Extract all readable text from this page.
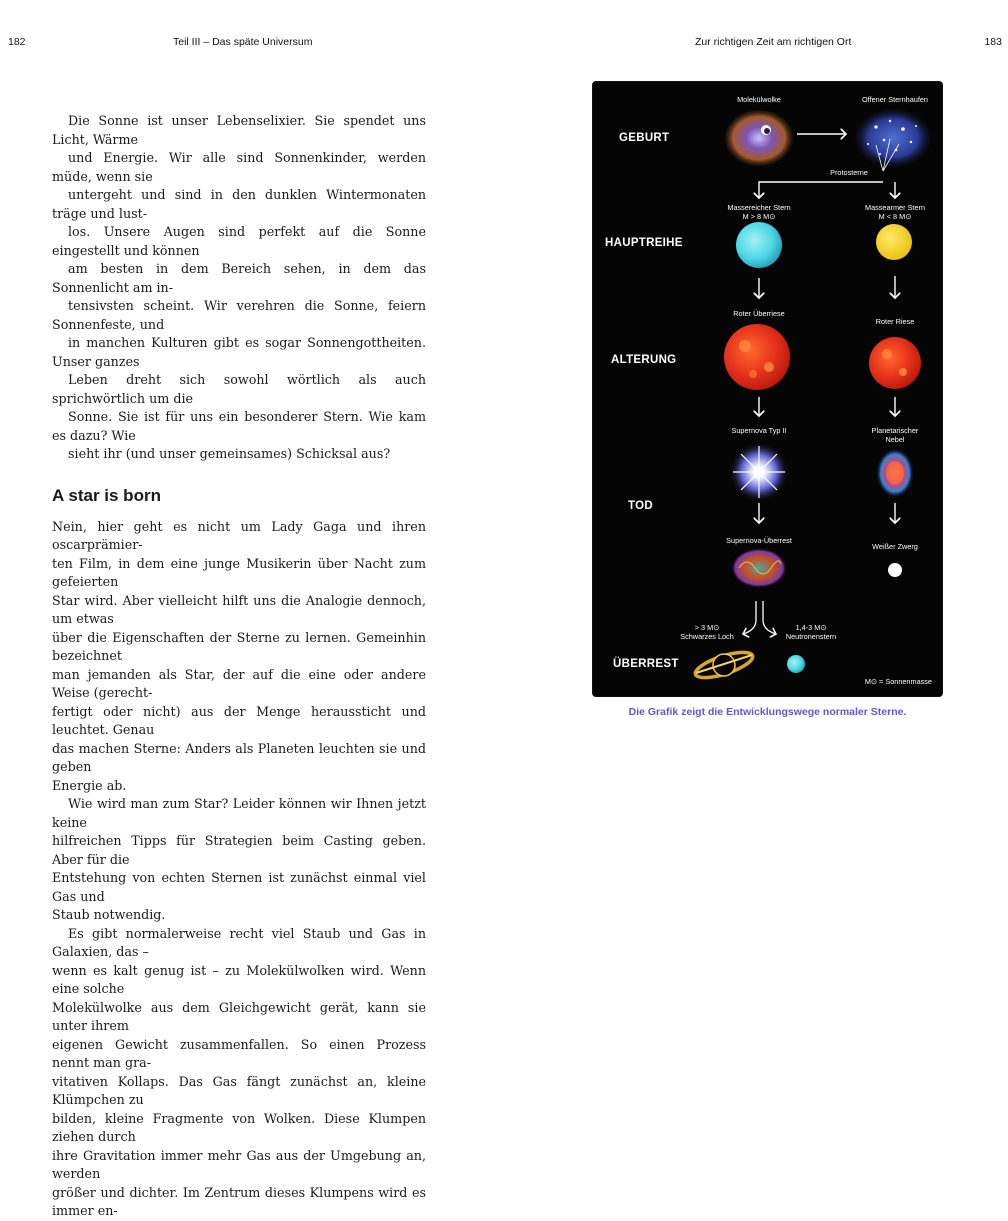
182	Teil III – Das späte Universum	Zur richtigen Zeit am richtigen Ort	183
Die Sonne ist unser Lebenselixier. Sie spendet uns Licht, Wärme
und Energie. Wir alle sind Sonnenkinder, werden müde, wenn sie
untergeht und sind in den dunklen Wintermonaten träge und lust-
los. Unsere Augen sind perfekt auf die Sonne eingestellt und können
am besten in dem Bereich sehen, in dem das Sonnenlicht am in-
tensivsten scheint. Wir verehren die Sonne, feiern Sonnenfeste, und
in manchen Kulturen gibt es sogar Sonnengottheiten. Unser ganzes
Leben dreht sich sowohl wörtlich als auch sprichwörtlich um die
Sonne. Sie ist für uns ein besonderer Stern. Wie kam es dazu? Wie
sieht ihr (und unser gemeinsames) Schicksal aus?
A star is born
Nein, hier geht es nicht um Lady Gaga und ihren oscarprämier-
ten Film, in dem eine junge Musikerin über Nacht zum gefeierten
Star wird. Aber vielleicht hilft uns die Analogie dennoch, um etwas
über die Eigenschaften der Sterne zu lernen. Gemeinhin bezeichnet
man jemanden als Star, der auf die eine oder andere Weise (gerecht-
fertigt oder nicht) aus der Menge heraussticht und leuchtet. Genau
das machen Sterne: Anders als Planeten leuchten sie und geben
Energie ab.
Wie wird man zum Star? Leider können wir Ihnen jetzt keine
hilfreichen Tipps für Strategien beim Casting geben. Aber für die
Entstehung von echten Sternen ist zunächst einmal viel Gas und
Staub notwendig.
Es gibt normalerweise recht viel Staub und Gas in Galaxien, das –
wenn es kalt genug ist – zu Molekülwolken wird. Wenn eine solche
Molekülwolke aus dem Gleichgewicht gerät, kann sie unter ihrem
eigenen Gewicht zusammenfallen. So einen Prozess nennt man gra-
vitativen Kollaps. Das Gas fängt zunächst an, kleine Klümpchen zu
bilden, kleine Fragmente von Wolken. Diese Klumpen ziehen durch
ihre Gravitation immer mehr Gas aus der Umgebung an, werden
größer und dichter. Im Zentrum dieses Klumpens wird es immer en-
GEBURT
HAUPTREIHE
ALTERUNG
TOD
ÜBERREST
Molekülwolke	Offener Sternhaufen
Protosterne
Massereicher Stern
M > 8 M⊙
Massearmer Stern
M < 8 M⊙
Roter Überriese
Roter Riese
Supernova Typ II	Planetarischer
Nebel
Supernova-Überrest
Weißer Zwerg
> 3 M⊙
Schwarzes Loch
1,4-3 M⊙
Neutronenstern
M⊙ = Sonnenmasse
Die Grafik zeigt die Entwicklungswege normaler Sterne.
